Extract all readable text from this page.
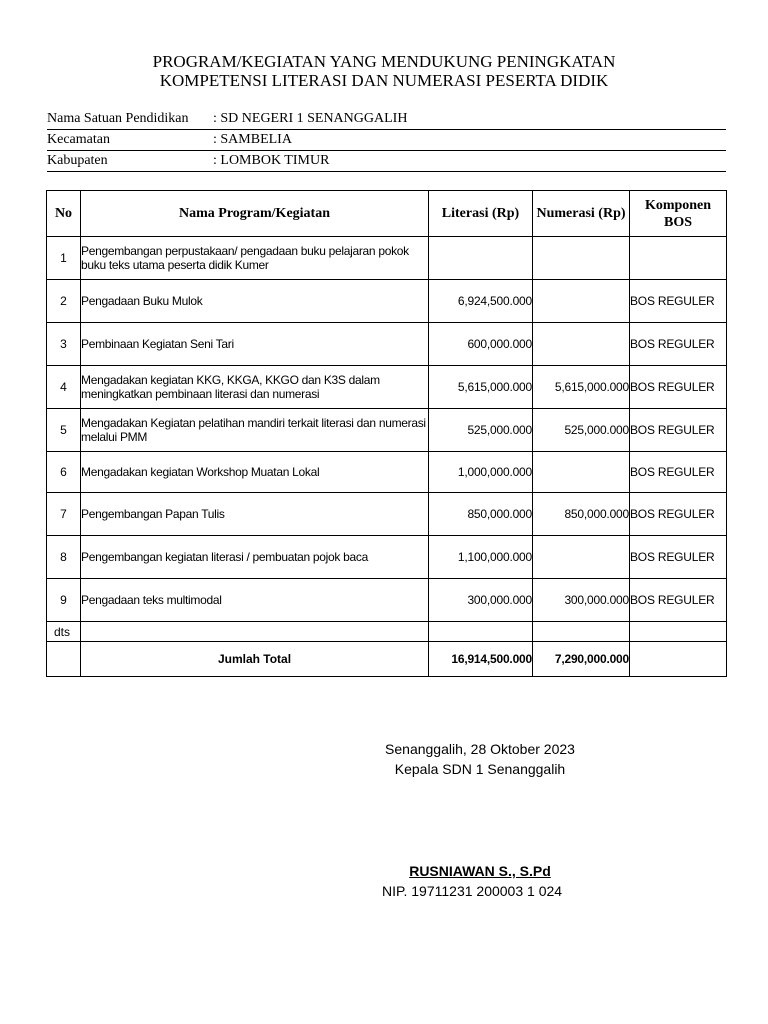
PROGRAM/KEGIATAN YANG MENDUKUNG PENINGKATAN
KOMPETENSI LITERASI DAN NUMERASI PESERTA DIDIK
Nama Satuan Pendidikan : SD NEGERI 1 SENANGGALIH
Kecamatan	: SAMBELIA
Kabupaten	: LOMBOK TIMUR
No	Nama Program/Kegiatan	Literasi (Rp)	Numerasi (Rp)	Komponen BOS
1	Pengembangan perpustakaan/ pengadaan buku pelajaran pokok buku teks utama peserta didik Kumer			
2	Pengadaan Buku Mulok	6,924,500.000		BOS REGULER
3	Pembinaan Kegiatan Seni Tari	600,000.000		BOS REGULER
4	Mengadakan kegiatan KKG, KKGA, KKGO dan K3S dalam meningkatkan pembinaan literasi dan numerasi	5,615,000.000	5,615,000.000	BOS REGULER
5	Mengadakan Kegiatan pelatihan mandiri terkait literasi dan numerasi melalui PMM	525,000.000	525,000.000	BOS REGULER
6	Mengadakan kegiatan Workshop Muatan Lokal	1,000,000.000		BOS REGULER
7	Pengembangan Papan Tulis	850,000.000	850,000.000	BOS REGULER
8	Pengembangan kegiatan literasi / pembuatan pojok baca	1,100,000.000		BOS REGULER
9	Pengadaan teks multimodal	300,000.000	300,000.000	BOS REGULER
dts				
	Jumlah Total	16,914,500.000	7,290,000.000	
Senanggalih, 28 Oktober 2023
Kepala SDN 1 Senanggalih
RUSNIAWAN S., S.Pd
NIP. 19711231 200003 1 024
